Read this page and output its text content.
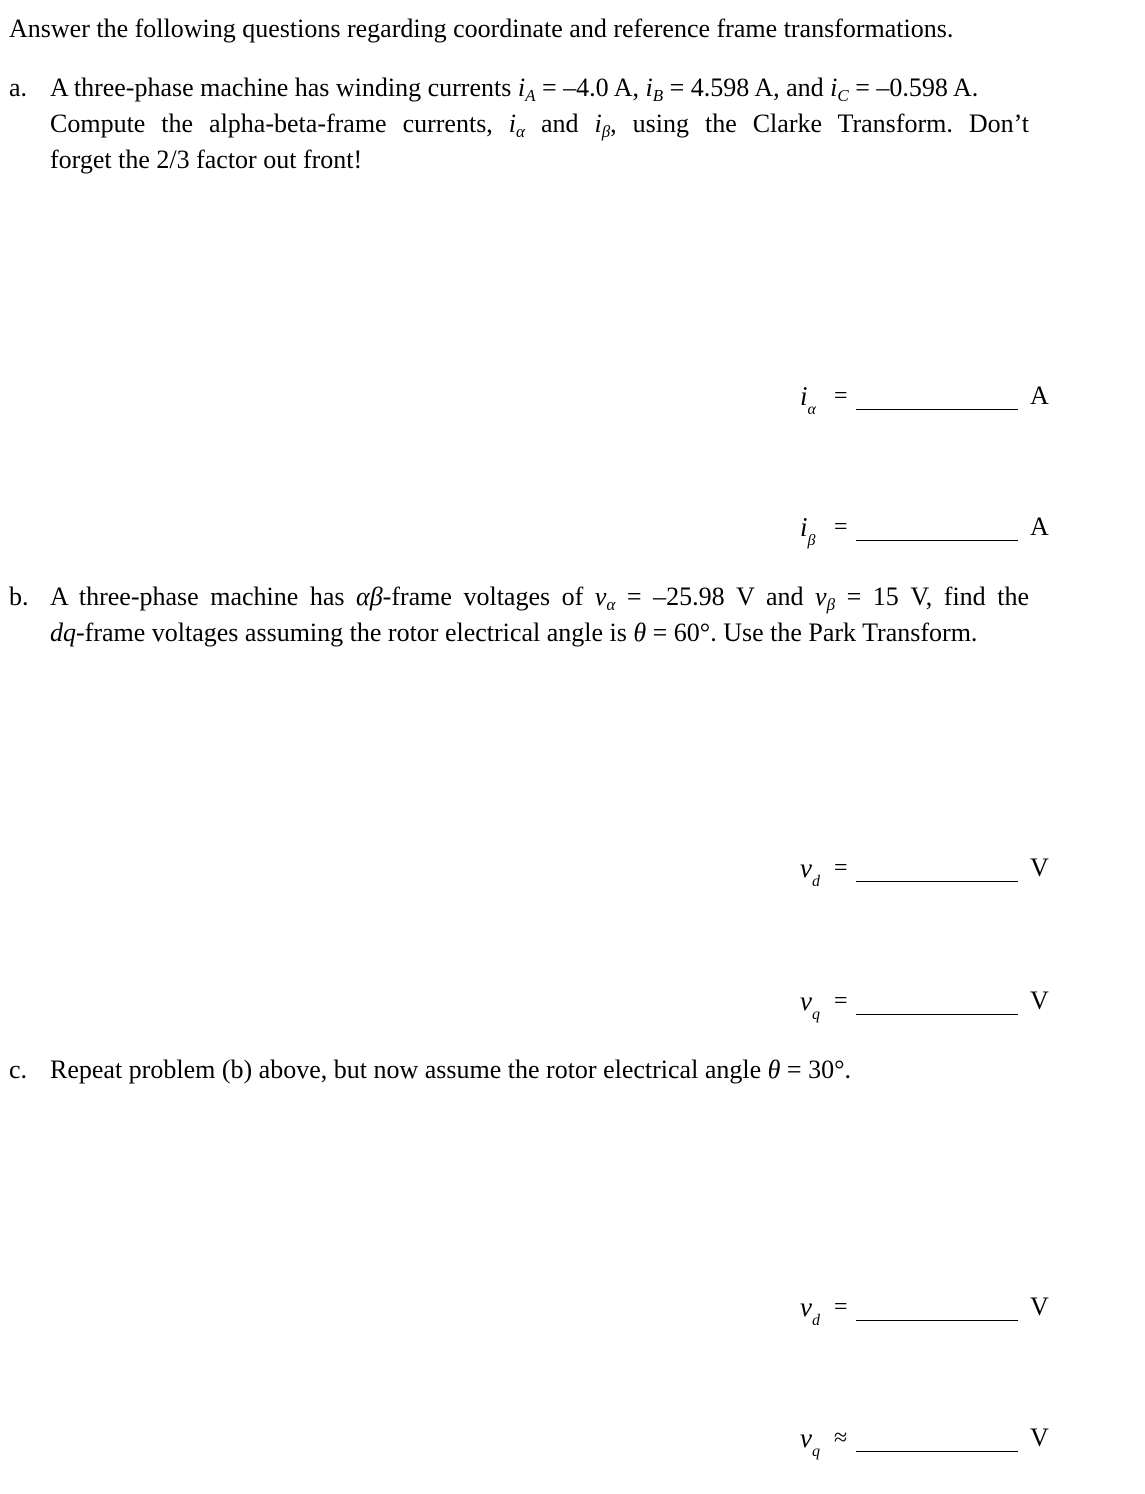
Answer the following questions regarding coordinate and reference frame transformations.
a. A three-phase machine has winding currents $i_A = -4.0$ A, $i_B = 4.598$ A, and $i_C = -0.598$ A.
Compute the alpha-beta-frame currents, $i_\alpha$ and $i_\beta$, using the Clarke Transform. Don’t
forget the 2/3 factor out front!
$i_\alpha$
=	A
$i_\beta$
=	A
b. A three-phase machine has αβ-frame voltages of $v_\alpha = -25.98$ V and $v_\beta = 15$ V, find the
dq-frame voltages assuming the rotor electrical angle is θ = 60°. Use the Park Transform.
$v_d$
=	V
$v_q$
=	V
c. Repeat problem (b) above, but now assume the rotor electrical angle θ = 30°.
$v_d$
=	V
$v_q$
≈	V
